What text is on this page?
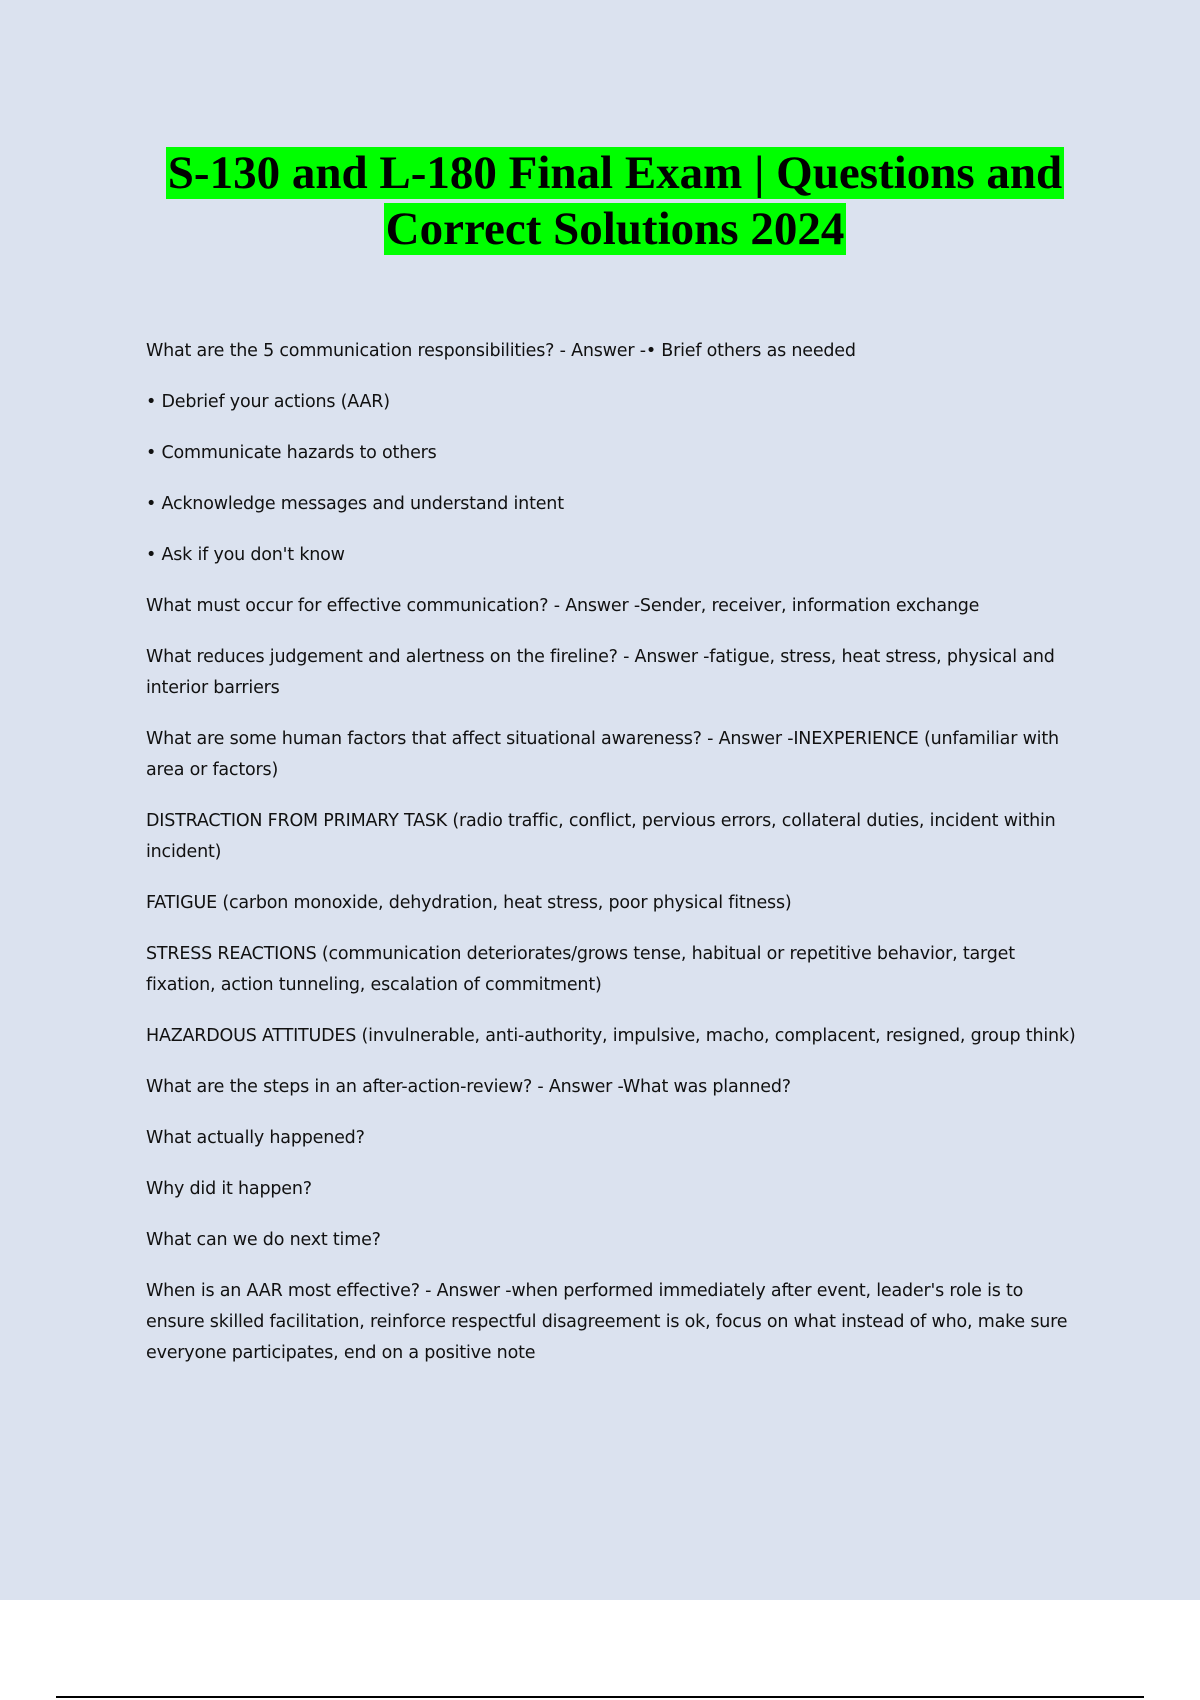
S-130 and L-180 Final Exam | Questions and
Correct Solutions 2024

What are the 5 communication responsibilities? - Answer -• Brief others as needed

• Debrief your actions (AAR)

• Communicate hazards to others

• Acknowledge messages and understand intent

• Ask if you don't know

What must occur for effective communication? - Answer -Sender, receiver, information exchange

What reduces judgement and alertness on the fireline? - Answer -fatigue, stress, heat stress, physical and interior barriers

What are some human factors that affect situational awareness? - Answer -INEXPERIENCE (unfamiliar with area or factors)

DISTRACTION FROM PRIMARY TASK (radio traffic, conflict, pervious errors, collateral duties, incident within incident)

FATIGUE (carbon monoxide, dehydration, heat stress, poor physical fitness)

STRESS REACTIONS (communication deteriorates/grows tense, habitual or repetitive behavior, target fixation, action tunneling, escalation of commitment)

HAZARDOUS ATTITUDES (invulnerable, anti-authority, impulsive, macho, complacent, resigned, group think)

What are the steps in an after-action-review? - Answer -What was planned?

What actually happened?

Why did it happen?

What can we do next time?

When is an AAR most effective? - Answer -when performed immediately after event, leader's role is to ensure skilled facilitation, reinforce respectful disagreement is ok, focus on what instead of who, make sure everyone participates, end on a positive note
